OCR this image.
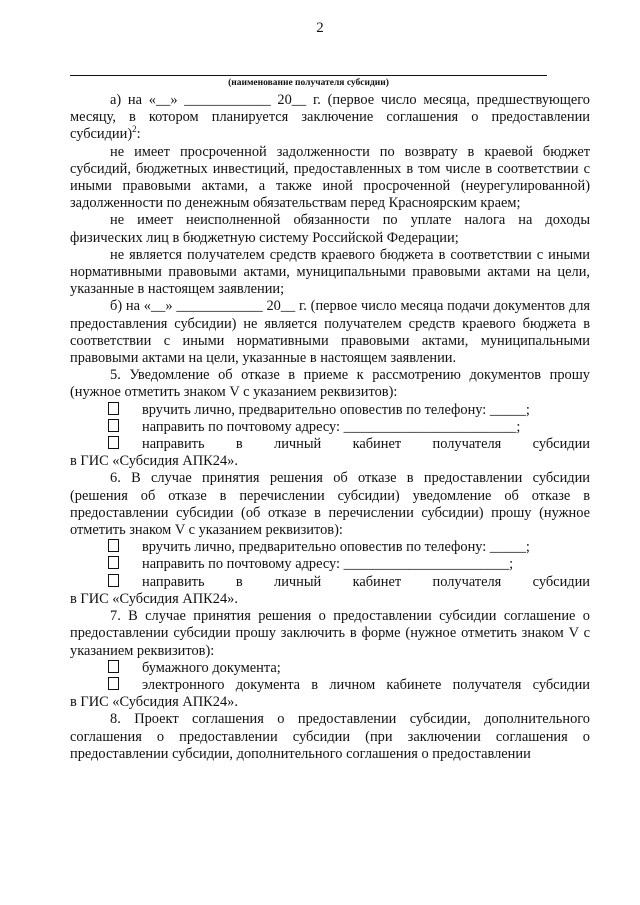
2
(наименование получателя субсидии)

а) на «__» ____________ 20__ г. (первое число месяца, предшествующего месяцу, в котором планируется заключение соглашения о предоставлении субсидии)$^2$:

не имеет просроченной задолженности по возврату в краевой бюджет субсидий, бюджетных инвестиций, предоставленных в том числе в соответствии с иными правовыми актами, а также иной просроченной (неурегулированной) задолженности по денежным обязательствам перед Красноярским краем;

не имеет неисполненной обязанности по уплате налога на доходы физических лиц в бюджетную систему Российской Федерации;

не является получателем средств краевого бюджета в соответствии с иными нормативными правовыми актами, муниципальными правовыми актами на цели, указанные в настоящем заявлении;

б) на «__» ____________ 20__ г. (первое число месяца подачи документов для предоставления субсидии) не является получателем средств краевого бюджета в соответствии с иными нормативными правовыми актами, муниципальными правовыми актами на цели, указанные в настоящем заявлении.

5. Уведомление об отказе в приеме к рассмотрению документов прошу (нужное отметить знаком V с указанием реквизитов):

вручить лично, предварительно оповестив по телефону: _____;

направить по почтовому адресу: ________________________;

направить в личный кабинет получателя субсидии

в ГИС «Субсидия АПК24».

6. В случае принятия решения об отказе в предоставлении субсидии (решения об отказе в перечислении субсидии) уведомление об отказе в предоставлении субсидии (об отказе в перечислении субсидии) прошу (нужное отметить знаком V с указанием реквизитов):

вручить лично, предварительно оповестив по телефону: _____;

направить по почтовому адресу: _______________________;

направить в личный кабинет получателя субсидии

в ГИС «Субсидия АПК24».

7. В случае принятия решения о предоставлении субсидии соглашение о предоставлении субсидии прошу заключить в форме (нужное отметить знаком V с указанием реквизитов):

бумажного документа;

электронного документа в личном кабинете получателя субсидии

в ГИС «Субсидия АПК24».

8. Проект соглашения о предоставлении субсидии, дополнительного соглашения о предоставлении субсидии (при заключении соглашения о предоставлении субсидии, дополнительного соглашения о предоставлении
